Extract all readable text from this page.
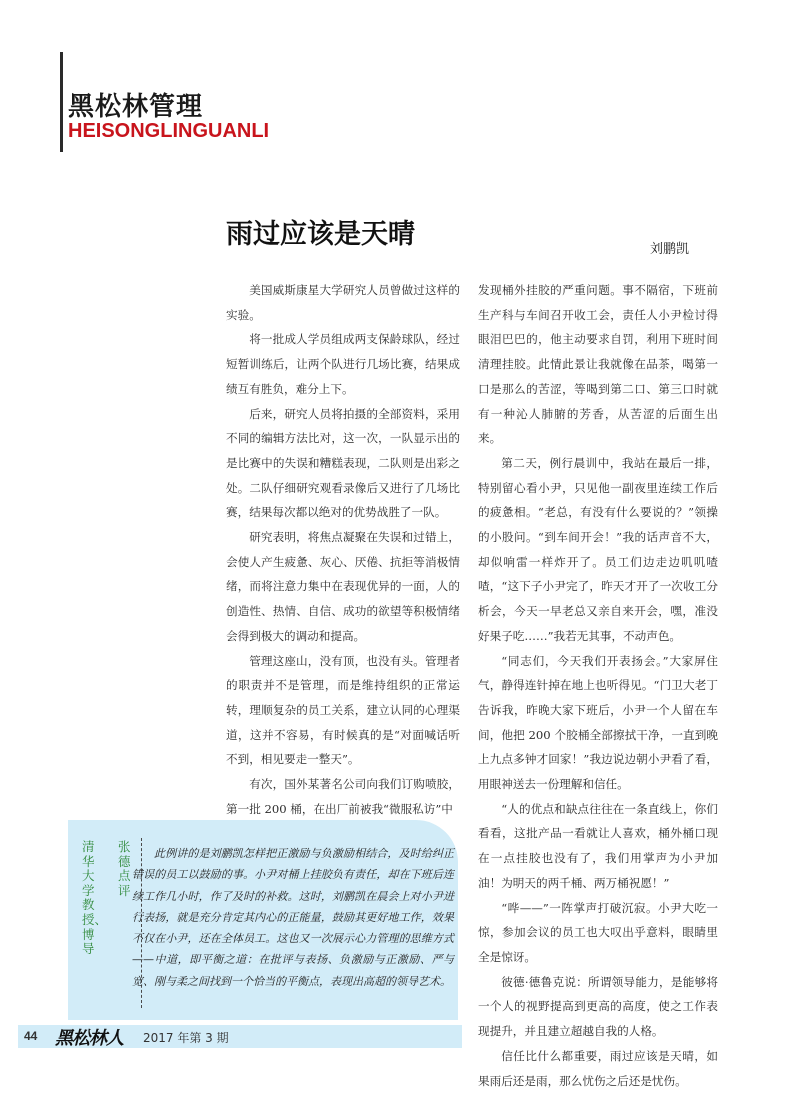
黑松林管理
HEISONGLINGUANLI
雨过应该是天晴	刘鹏凯

美国威斯康星大学研究人员曾做过这样的实验。

将一批成人学员组成两支保龄球队，经过短暂训练后，让两个队进行几场比赛，结果成绩互有胜负，难分上下。

后来，研究人员将拍摄的全部资料，采用不同的编辑方法比对，这一次，一队显示出的是比赛中的失误和糟糕表现，二队则是出彩之处。二队仔细研究观看录像后又进行了几场比赛，结果每次都以绝对的优势战胜了一队。

研究表明，将焦点凝聚在失误和过错上，会使人产生疲惫、灰心、厌倦、抗拒等消极情绪，而将注意力集中在表现优异的一面，人的创造性、热情、自信、成功的欲望等积极情绪会得到极大的调动和提高。

管理这座山，没有顶，也没有头。管理者的职责并不是管理，而是维持组织的正常运转，理顺复杂的员工关系，建立认同的心理渠道，这并不容易，有时候真的是“对面喊话听不到，相见要走一整天”。

有次，国外某著名公司向我们订购喷胶，第一批 200 桶，在出厂前被我“微服私访”中

发现桶外挂胶的严重问题。事不隔宿，下班前生产科与车间召开收工会，责任人小尹检讨得眼泪巴巴的，他主动要求自罚，利用下班时间清理挂胶。此情此景让我就像在品茶，喝第一口是那么的苦涩，等喝到第二口、第三口时就有一种沁人肺腑的芳香，从苦涩的后面生出来。

第二天，例行晨训中，我站在最后一排，特别留心看小尹，只见他一副夜里连续工作后的疲惫相。“老总，有没有什么要说的？”领操的小股问。“到车间开会！”我的话声音不大，却似响雷一样炸开了。员工们边走边叽叽喳喳，“这下子小尹完了，昨天才开了一次收工分析会，今天一早老总又亲自来开会，嘿，准没好果子吃……”我若无其事，不动声色。

“同志们，今天我们开表扬会。”大家屏住气，静得连针掉在地上也听得见。“门卫大老丁告诉我，昨晚大家下班后，小尹一个人留在车间，他把 200 个胶桶全部擦拭干净，一直到晚上九点多钟才回家！”我边说边朝小尹看了看，用眼神送去一份理解和信任。

“人的优点和缺点往往在一条直线上，你们看看，这批产品一看就让人喜欢，桶外桶口现在一点挂胶也没有了，我们用掌声为小尹加油！为明天的两千桶、两万桶祝愿！”

“哗——”一阵掌声打破沉寂。小尹大吃一惊，参加会议的员工也大叹出乎意料，眼睛里全是惊讶。

彼德·德鲁克说：所谓领导能力，是能够将一个人的视野提高到更高的高度，使之工作表现提升，并且建立超越自我的人格。

信任比什么都重要，雨过应该是天晴，如果雨后还是雨，那么忧伤之后还是忧伤。

张德点评
清华大学教授、博导
此例讲的是刘鹏凯怎样把正激励与负激励相结合，及时给纠正错误的员工以鼓励的事。小尹对桶上挂胶负有责任，却在下班后连续工作几小时，作了及时的补救。这时，刘鹏凯在晨会上对小尹进行表扬，就是充分肯定其内心的正能量，鼓励其更好地工作，效果不仅在小尹，还在全体员工。这也又一次展示心力管理的思维方式——中道，即平衡之道：在批评与表扬、负激励与正激励、严与宽、刚与柔之间找到一个恰当的平衡点，表现出高超的领导艺术。
44 黑松林人 2017 年第 3 期
